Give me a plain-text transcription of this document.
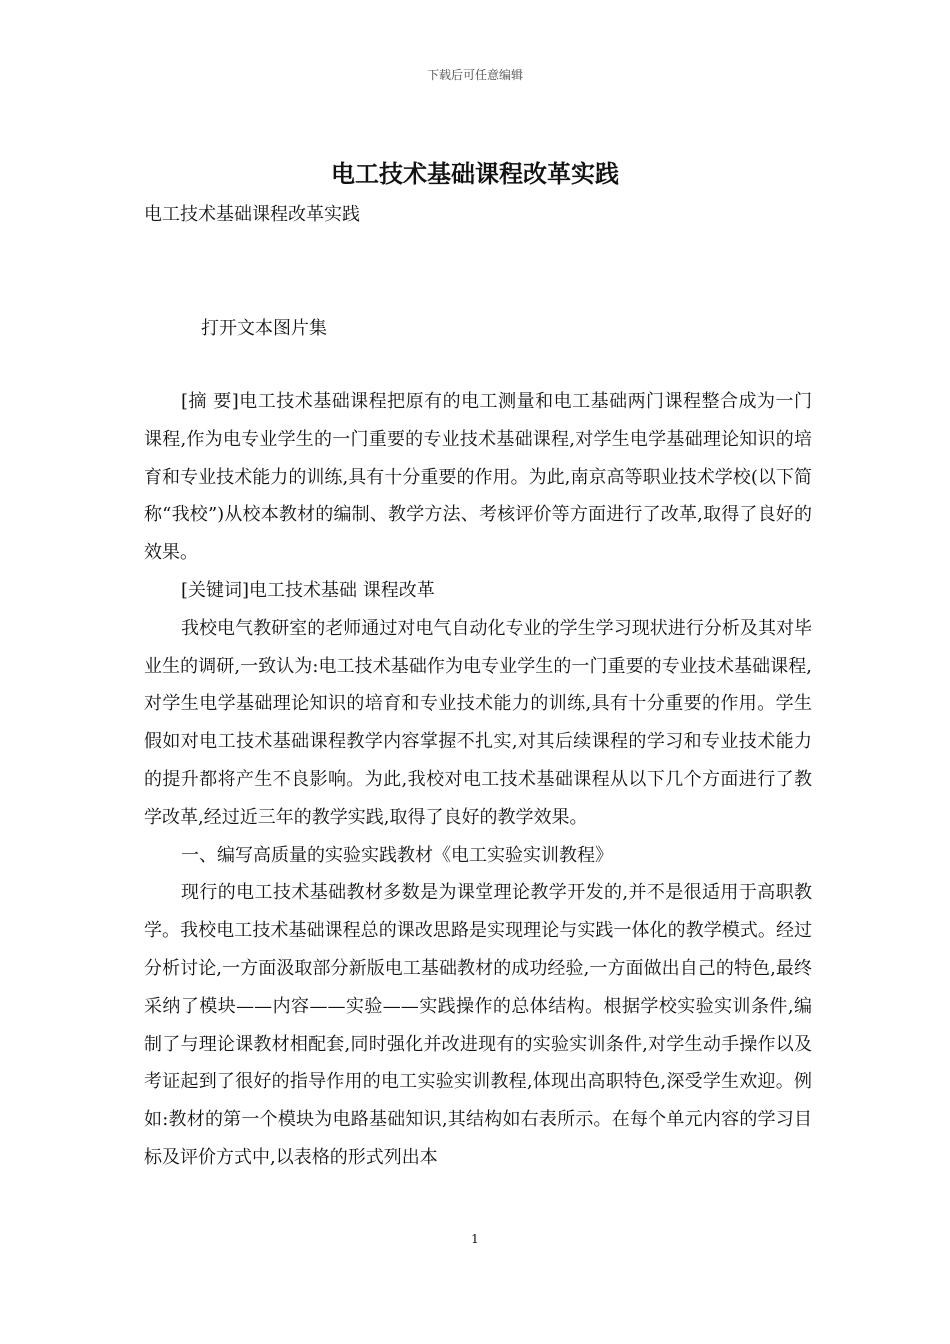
下载后可任意编辑
电工技术基础课程改革实践
电工技术基础课程改革实践
打开文本图片集

[摘 要]电工技术基础课程把原有的电工测量和电工基础两门课程整合成为一门课程,作为电专业学生的一门重要的专业技术基础课程,对学生电学基础理论知识的培育和专业技术能力的训练,具有十分重要的作用。为此,南京高等职业技术学校(以下简称“我校”)从校本教材的编制、教学方法、考核评价等方面进行了改革,取得了良好的效果。

[关键词]电工技术基础 课程改革

我校电气教研室的老师通过对电气自动化专业的学生学习现状进行分析及其对毕业生的调研,一致认为:电工技术基础作为电专业学生的一门重要的专业技术基础课程,对学生电学基础理论知识的培育和专业技术能力的训练,具有十分重要的作用。学生假如对电工技术基础课程教学内容掌握不扎实,对其后续课程的学习和专业技术能力的提升都将产生不良影响。为此,我校对电工技术基础课程从以下几个方面进行了教学改革,经过近三年的教学实践,取得了良好的教学效果。

一、编写高质量的实验实践教材《电工实验实训教程》

现行的电工技术基础教材多数是为课堂理论教学开发的,并不是很适用于高职教学。我校电工技术基础课程总的课改思路是实现理论与实践一体化的教学模式。经过分析讨论,一方面汲取部分新版电工基础教材的成功经验,一方面做出自己的特色,最终采纳了模块——内容——实验——实践操作的总体结构。根据学校实验实训条件,编制了与理论课教材相配套,同时强化并改进现有的实验实训条件,对学生动手操作以及考证起到了很好的指导作用的电工实验实训教程,体现出高职特色,深受学生欢迎。例如:教材的第一个模块为电路基础知识,其结构如右表所示。在每个单元内容的学习目标及评价方式中,以表格的形式列出本

1
